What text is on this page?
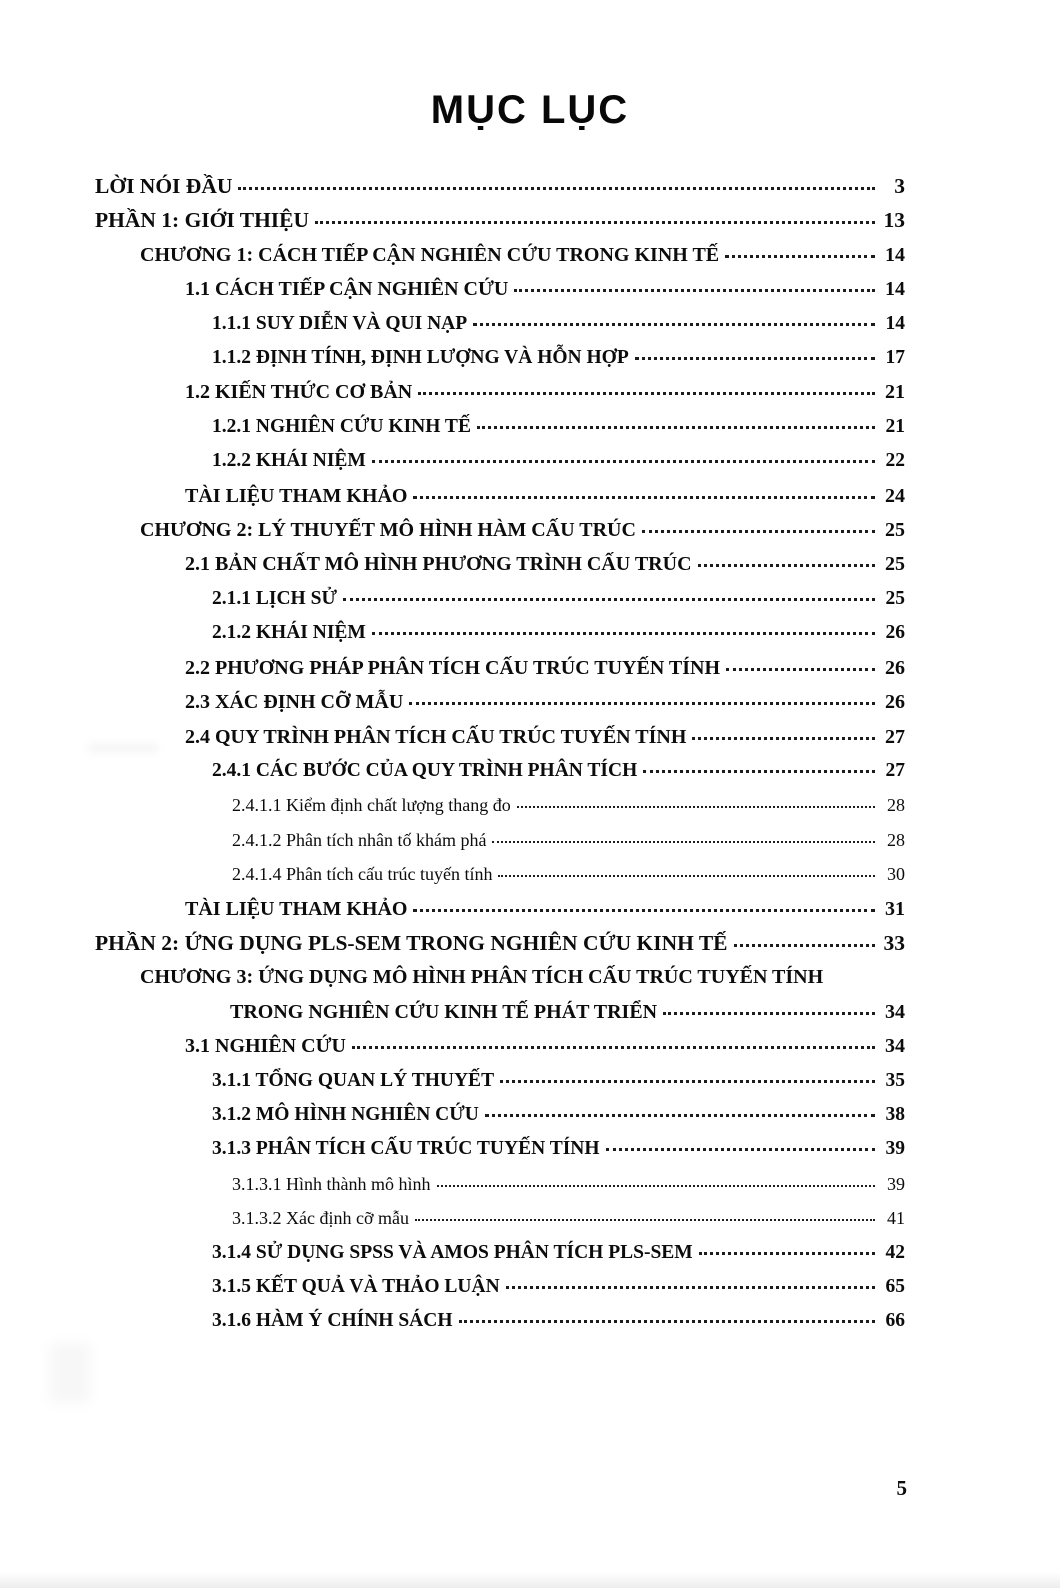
MỤC LỤC
LỜI NÓI ĐẦU	3
PHẦN 1: GIỚI THIỆU	13
CHƯƠNG 1: CÁCH TIẾP CẬN NGHIÊN CỨU TRONG KINH TẾ	14
1.1 CÁCH TIẾP CẬN NGHIÊN CỨU	14
1.1.1 SUY DIỄN VÀ QUI NẠP	14
1.1.2 ĐỊNH TÍNH, ĐỊNH LƯỢNG VÀ HỖN HỢP	17
1.2 KIẾN THỨC CƠ BẢN	21
1.2.1 NGHIÊN CỨU KINH TẾ	21
1.2.2 KHÁI NIỆM	22
TÀI LIỆU THAM KHẢO	24
CHƯƠNG 2: LÝ THUYẾT MÔ HÌNH HÀM CẤU TRÚC	25
2.1 BẢN CHẤT MÔ HÌNH PHƯƠNG TRÌNH CẤU TRÚC	25
2.1.1 LỊCH SỬ	25
2.1.2 KHÁI NIỆM	26
2.2 PHƯƠNG PHÁP PHÂN TÍCH CẤU TRÚC TUYẾN TÍNH	26
2.3 XÁC ĐỊNH CỠ MẪU	26
2.4 QUY TRÌNH PHÂN TÍCH CẤU TRÚC TUYẾN TÍNH	27
2.4.1 CÁC BƯỚC CỦA QUY TRÌNH PHÂN TÍCH	27
2.4.1.1 Kiểm định chất lượng thang đo	28
2.4.1.2 Phân tích nhân tố khám phá	28
2.4.1.4 Phân tích cấu trúc tuyến tính	30
TÀI LIỆU THAM KHẢO	31
PHẦN 2: ỨNG DỤNG PLS-SEM TRONG NGHIÊN CỨU KINH TẾ	33
CHƯƠNG 3: ỨNG DỤNG MÔ HÌNH PHÂN TÍCH CẤU TRÚC TUYẾN TÍNH
TRONG NGHIÊN CỨU KINH TẾ PHÁT TRIỂN	34
3.1 NGHIÊN CỨU	34
3.1.1 TỔNG QUAN LÝ THUYẾT	35
3.1.2 MÔ HÌNH NGHIÊN CỨU	38
3.1.3 PHÂN TÍCH CẤU TRÚC TUYẾN TÍNH	39
3.1.3.1 Hình thành mô hình	39
3.1.3.2 Xác định cỡ mẫu	41
3.1.4 SỬ DỤNG SPSS VÀ AMOS PHÂN TÍCH PLS-SEM	42
3.1.5 KẾT QUẢ VÀ THẢO LUẬN	65
3.1.6 HÀM Ý CHÍNH SÁCH	66
5
